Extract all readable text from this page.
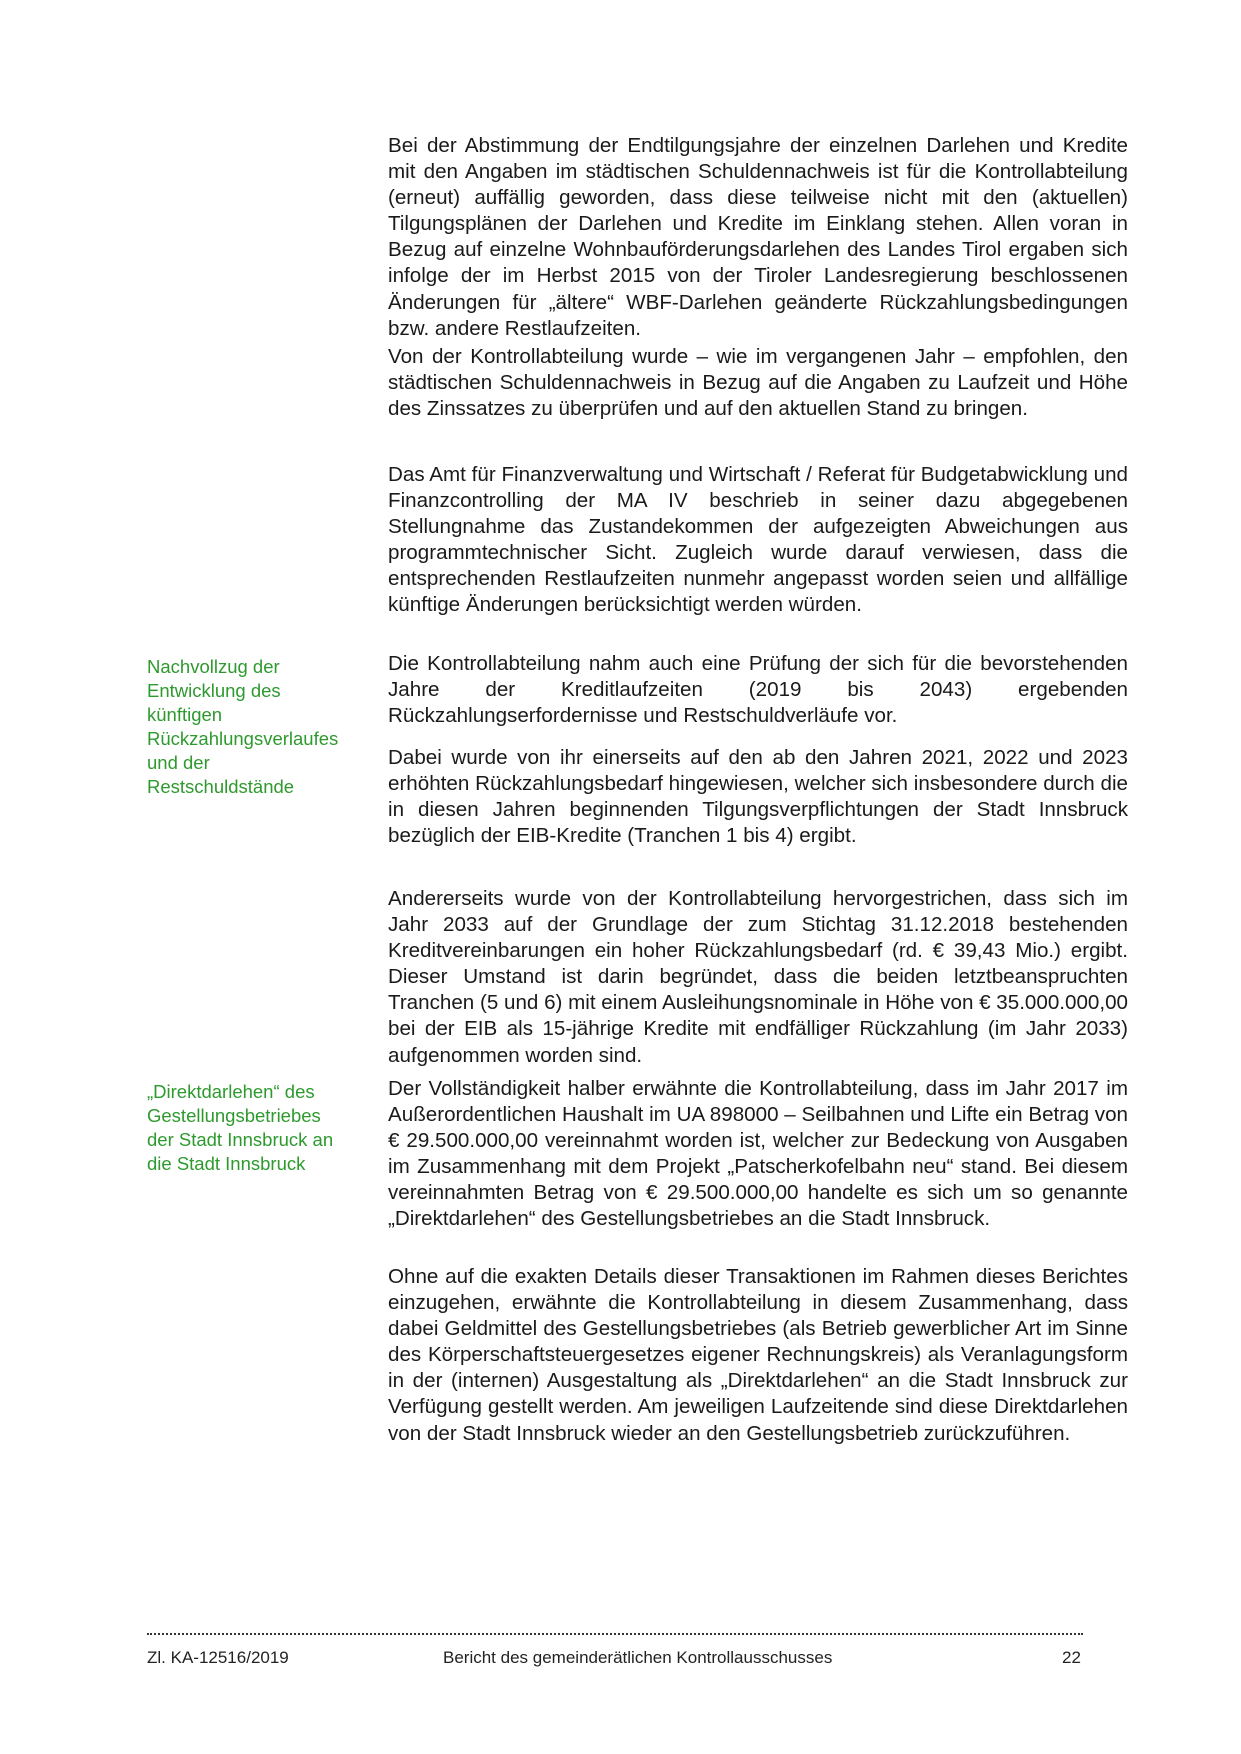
Bei der Abstimmung der Endtilgungsjahre der einzelnen Darlehen und Kredite mit den Angaben im städtischen Schuldennachweis ist für die Kontrollabteilung (erneut) auffällig geworden, dass diese teilweise nicht mit den (aktuellen) Tilgungsplänen der Darlehen und Kredite im Einklang stehen. Allen voran in Bezug auf einzelne Wohnbauförderungsdarlehen des Landes Tirol ergaben sich infolge der im Herbst 2015 von der Tiroler Landesregierung beschlossenen Änderungen für „ältere“ WBF-Darlehen geänderte Rückzahlungsbedingungen bzw. andere Restlaufzeiten.

Von der Kontrollabteilung wurde – wie im vergangenen Jahr – empfohlen, den städtischen Schuldennachweis in Bezug auf die Angaben zu Laufzeit und Höhe des Zinssatzes zu überprüfen und auf den aktuellen Stand zu bringen.

Das Amt für Finanzverwaltung und Wirtschaft / Referat für Budgetabwicklung und Finanzcontrolling der MA IV beschrieb in seiner dazu abgegebenen Stellungnahme das Zustandekommen der aufgezeigten Abweichungen aus programmtechnischer Sicht. Zugleich wurde darauf verwiesen, dass die entsprechenden Restlaufzeiten nunmehr angepasst worden seien und allfällige künftige Änderungen berücksichtigt werden würden.

Nachvollzug der
Entwicklung des
künftigen
Rückzahlungsverlaufes
und der
Restschuldstände

Die Kontrollabteilung nahm auch eine Prüfung der sich für die bevorstehenden Jahre der Kreditlaufzeiten (2019 bis 2043) ergebenden Rückzahlungserfordernisse und Restschuldverläufe vor.

Dabei wurde von ihr einerseits auf den ab den Jahren 2021, 2022 und 2023 erhöhten Rückzahlungsbedarf hingewiesen, welcher sich insbesondere durch die in diesen Jahren beginnenden Tilgungsverpflichtungen der Stadt Innsbruck bezüglich der EIB-Kredite (Tranchen 1 bis 4) ergibt.

Andererseits wurde von der Kontrollabteilung hervorgestrichen, dass sich im Jahr 2033 auf der Grundlage der zum Stichtag 31.12.2018 bestehenden Kreditvereinbarungen ein hoher Rückzahlungsbedarf (rd. € 39,43 Mio.) ergibt. Dieser Umstand ist darin begründet, dass die beiden letztbeanspruchten Tranchen (5 und 6) mit einem Ausleihungsnominale in Höhe von € 35.000.000,00 bei der EIB als 15-jährige Kredite mit endfälliger Rückzahlung (im Jahr 2033) aufgenommen worden sind.

„Direktdarlehen“ des
Gestellungsbetriebes
der Stadt Innsbruck an
die Stadt Innsbruck

Der Vollständigkeit halber erwähnte die Kontrollabteilung, dass im Jahr 2017 im Außerordentlichen Haushalt im UA 898000 – Seilbahnen und Lifte ein Betrag von € 29.500.000,00 vereinnahmt worden ist, welcher zur Bedeckung von Ausgaben im Zusammenhang mit dem Projekt „Patscherkofelbahn neu“ stand. Bei diesem vereinnahmten Betrag von € 29.500.000,00 handelte es sich um so genannte „Direktdarlehen“ des Gestellungsbetriebes an die Stadt Innsbruck.

Ohne auf die exakten Details dieser Transaktionen im Rahmen dieses Berichtes einzugehen, erwähnte die Kontrollabteilung in diesem Zusammenhang, dass dabei Geldmittel des Gestellungsbetriebes (als Betrieb gewerblicher Art im Sinne des Körperschaftsteuergesetzes eigener Rechnungskreis) als Veranlagungsform in der (internen) Ausgestaltung als „Direktdarlehen“ an die Stadt Innsbruck zur Verfügung gestellt werden. Am jeweiligen Laufzeitende sind diese Direktdarlehen von der Stadt Innsbruck wieder an den Gestellungsbetrieb zurückzuführen.

Zl. KA-12516/2019	Bericht des gemeinderätlichen Kontrollausschusses	22
